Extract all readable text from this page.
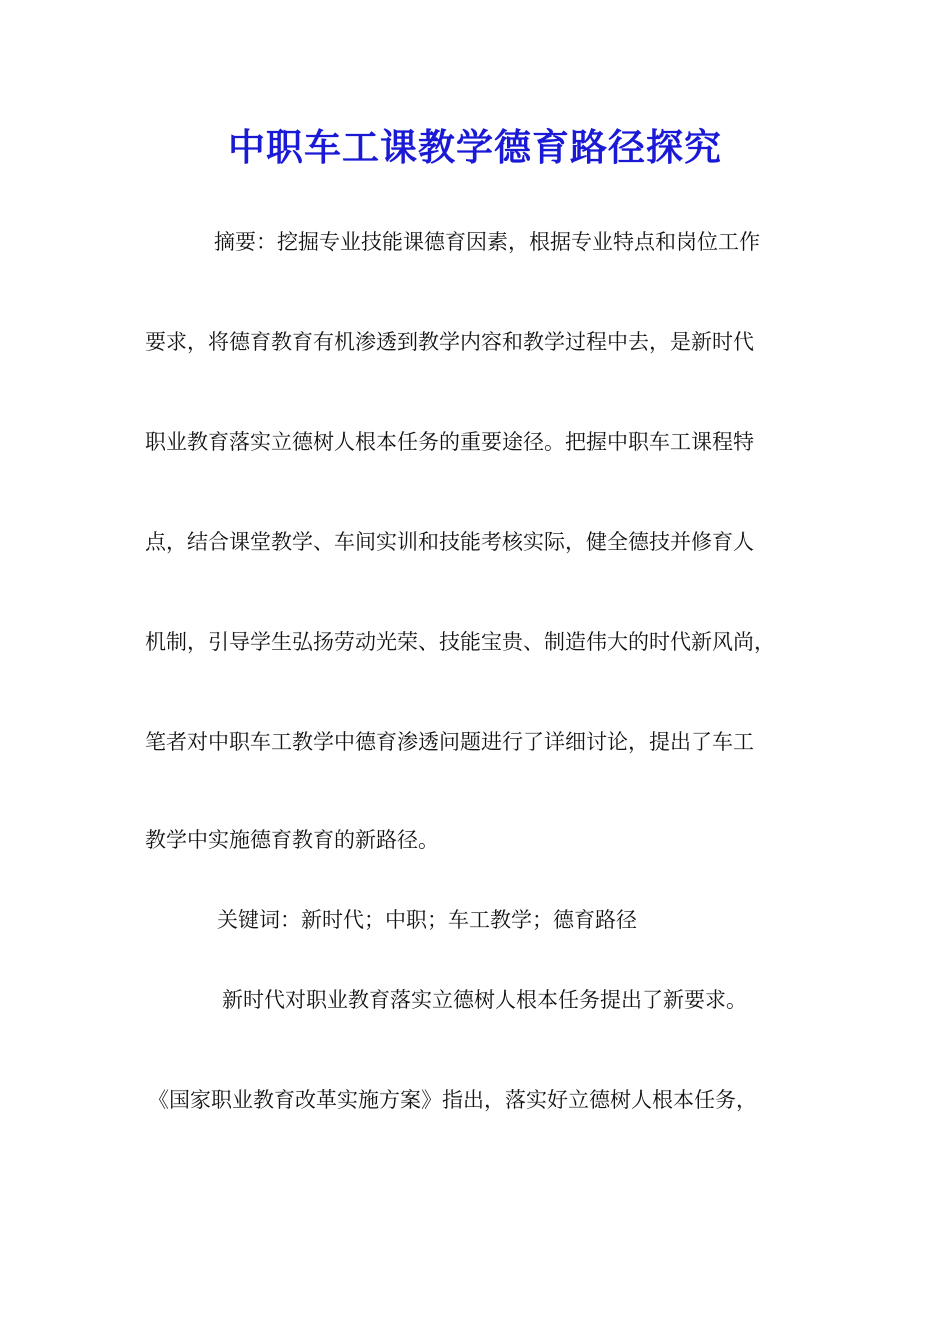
中职车工课教学德育路径探究

摘要：挖掘专业技能课德育因素，根据专业特点和岗位工作

要求，将德育教育有机渗透到教学内容和教学过程中去，是新时代

职业教育落实立德树人根本任务的重要途径。把握中职车工课程特

点，结合课堂教学、车间实训和技能考核实际，健全德技并修育人

机制，引导学生弘扬劳动光荣、技能宝贵、制造伟大的时代新风尚，

笔者对中职车工教学中德育渗透问题进行了详细讨论，提出了车工

教学中实施德育教育的新路径。

关键词：新时代；中职；车工教学；德育路径

新时代对职业教育落实立德树人根本任务提出了新要求。

《国家职业教育改革实施方案》指出，落实好立德树人根本任务，
